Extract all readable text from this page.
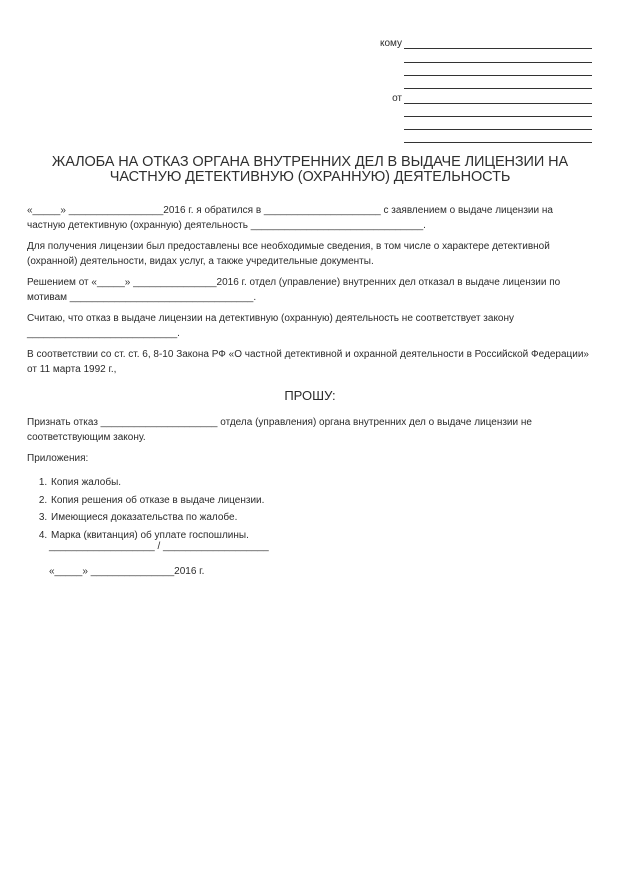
кому
от
ЖАЛОБА НА ОТКАЗ ОРГАНА ВНУТРЕННИХ ДЕЛ В ВЫДАЧЕ ЛИЦЕНЗИИ НА ЧАСТНУЮ ДЕТЕКТИВНУЮ (ОХРАННУЮ) ДЕЯТЕЛЬНОСТЬ

«_____» _________________2016 г. я обратился в _____________________ с заявлением о выдаче лицензии на частную детективную (охранную) деятельность _______________________________.

Для получения лицензии был предоставлены все необходимые сведения, в том числе о характере детективной (охранной) деятельности, видах услуг, а также учредительные документы.

Решением от «_____» _______________2016 г. отдел (управление) внутренних дел отказал в выдаче лицензии по мотивам _________________________________.

Считаю, что отказ в выдаче лицензии на детективную (охранную) деятельность не соответствует закону ___________________________.

В соответствии со ст. ст. 6, 8-10 Закона РФ «О частной детективной и охранной деятельности в Российской Федерации» от 11 марта 1992 г.,

ПРОШУ:

Признать отказ _____________________ отдела (управления) органа внутренних дел о выдаче лицензии не соответствующим закону.

Приложения:

1. Копия жалобы.
2. Копия решения об отказе в выдаче лицензии.
3. Имеющиеся доказательства по жалобе.
4. Марка (квитанция) об уплате госпошлины.
___________________ / ___________________
«_____» _______________2016 г.
